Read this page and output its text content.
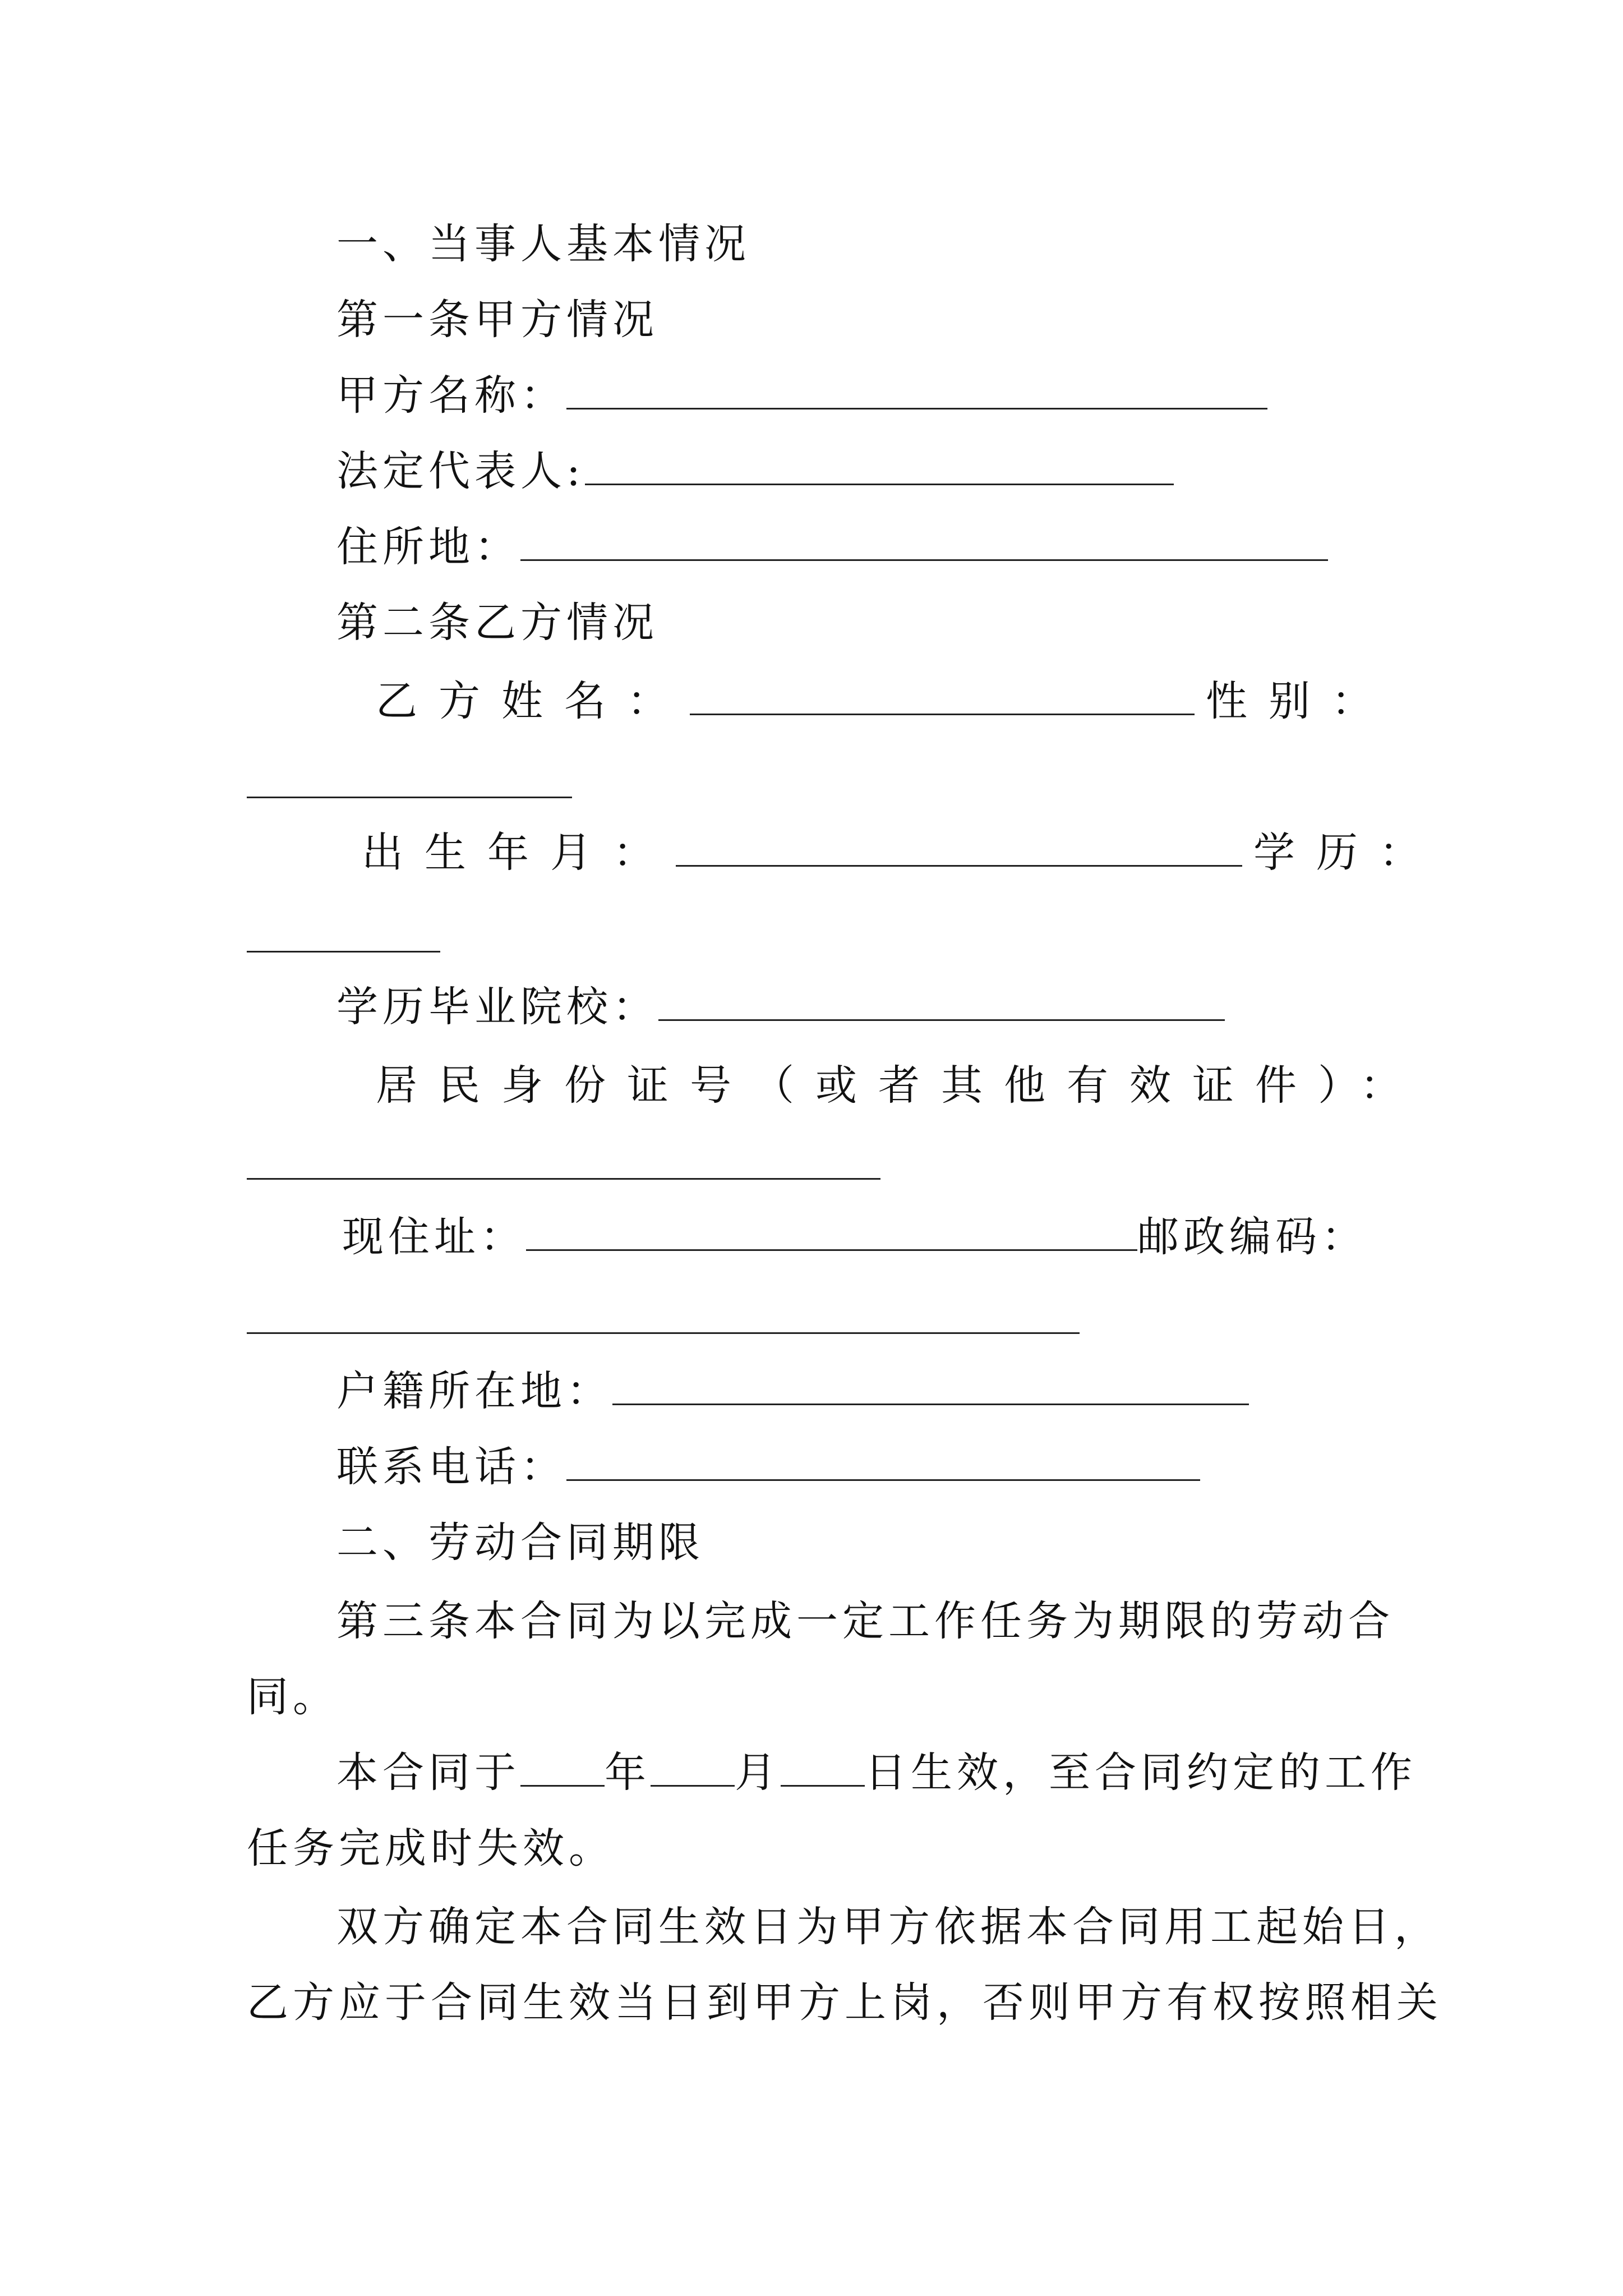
一、当事人基本情况
第一条甲方情况
甲方名称：
法定代表人:
住所地：
第二条乙方情况
乙方姓名：	性别：
出生年月：	学历：
学历毕业院校：
居民身份证号（或者其他有效证件）：
现住址：	邮政编码：
户籍所在地：
联系电话：
二、劳动合同期限
第三条本合同为以完成一定工作任务为期限的劳动合
同。
本合同于 年 月 日生效，至合同约定的工作
任务完成时失效。
双方确定本合同生效日为甲方依据本合同用工起始日，
乙方应于合同生效当日到甲方上岗，否则甲方有权按照相关
